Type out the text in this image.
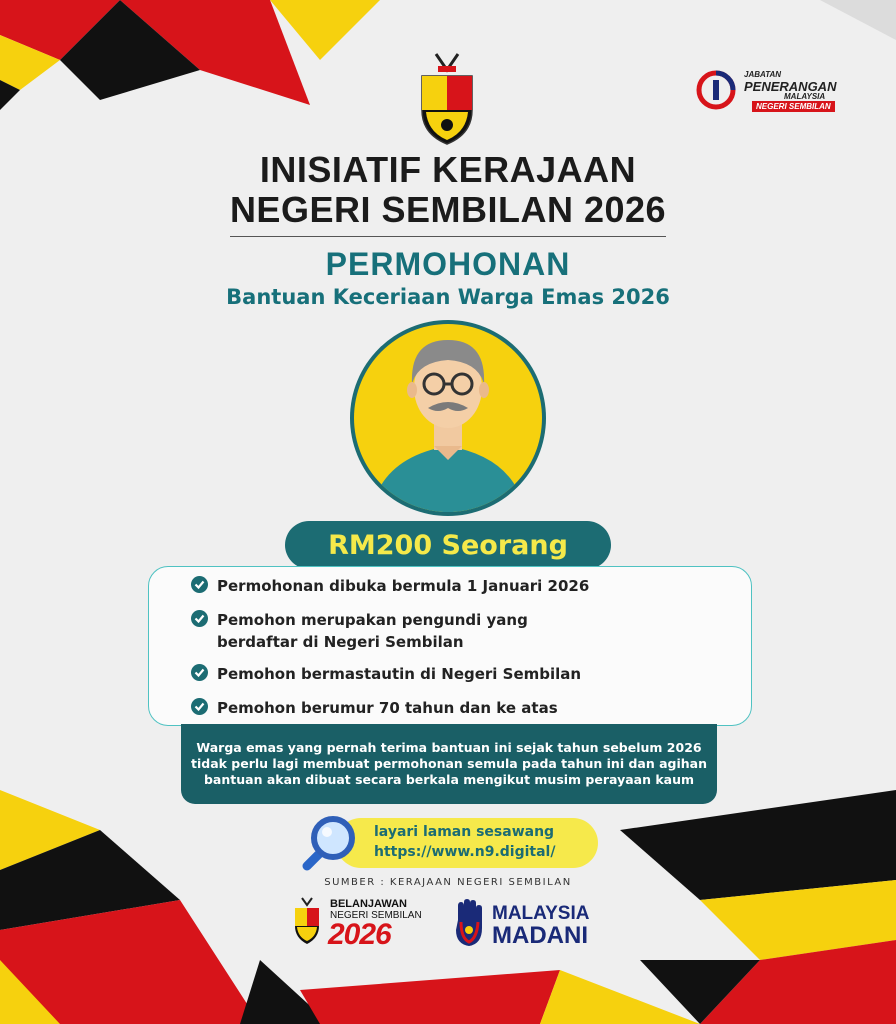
JABATAN
PENERANGAN
MALAYSIA
NEGERI SEMBILAN
INISIATIF KERAJAAN
NEGERI SEMBILAN 2026
PERMOHONAN
Bantuan Keceriaan Warga Emas 2026
RM200 Seorang
Permohonan dibuka bermula 1 Januari 2026
Pemohon merupakan pengundi yang berdaftar di Negeri Sembilan
Pemohon bermastautin di Negeri Sembilan
Pemohon berumur 70 tahun dan ke atas
Warga emas yang pernah terima bantuan ini sejak tahun sebelum 2026 tidak perlu lagi membuat permohonan semula pada tahun ini dan agihan bantuan akan dibuat secara berkala mengikut musim perayaan kaum
layari laman sesawang
https://www.n9.digital/
SUMBER : KERAJAAN NEGERI SEMBILAN
BELANJAWAN
NEGERI SEMBILAN
2026
MALAYSIA
MADANI
